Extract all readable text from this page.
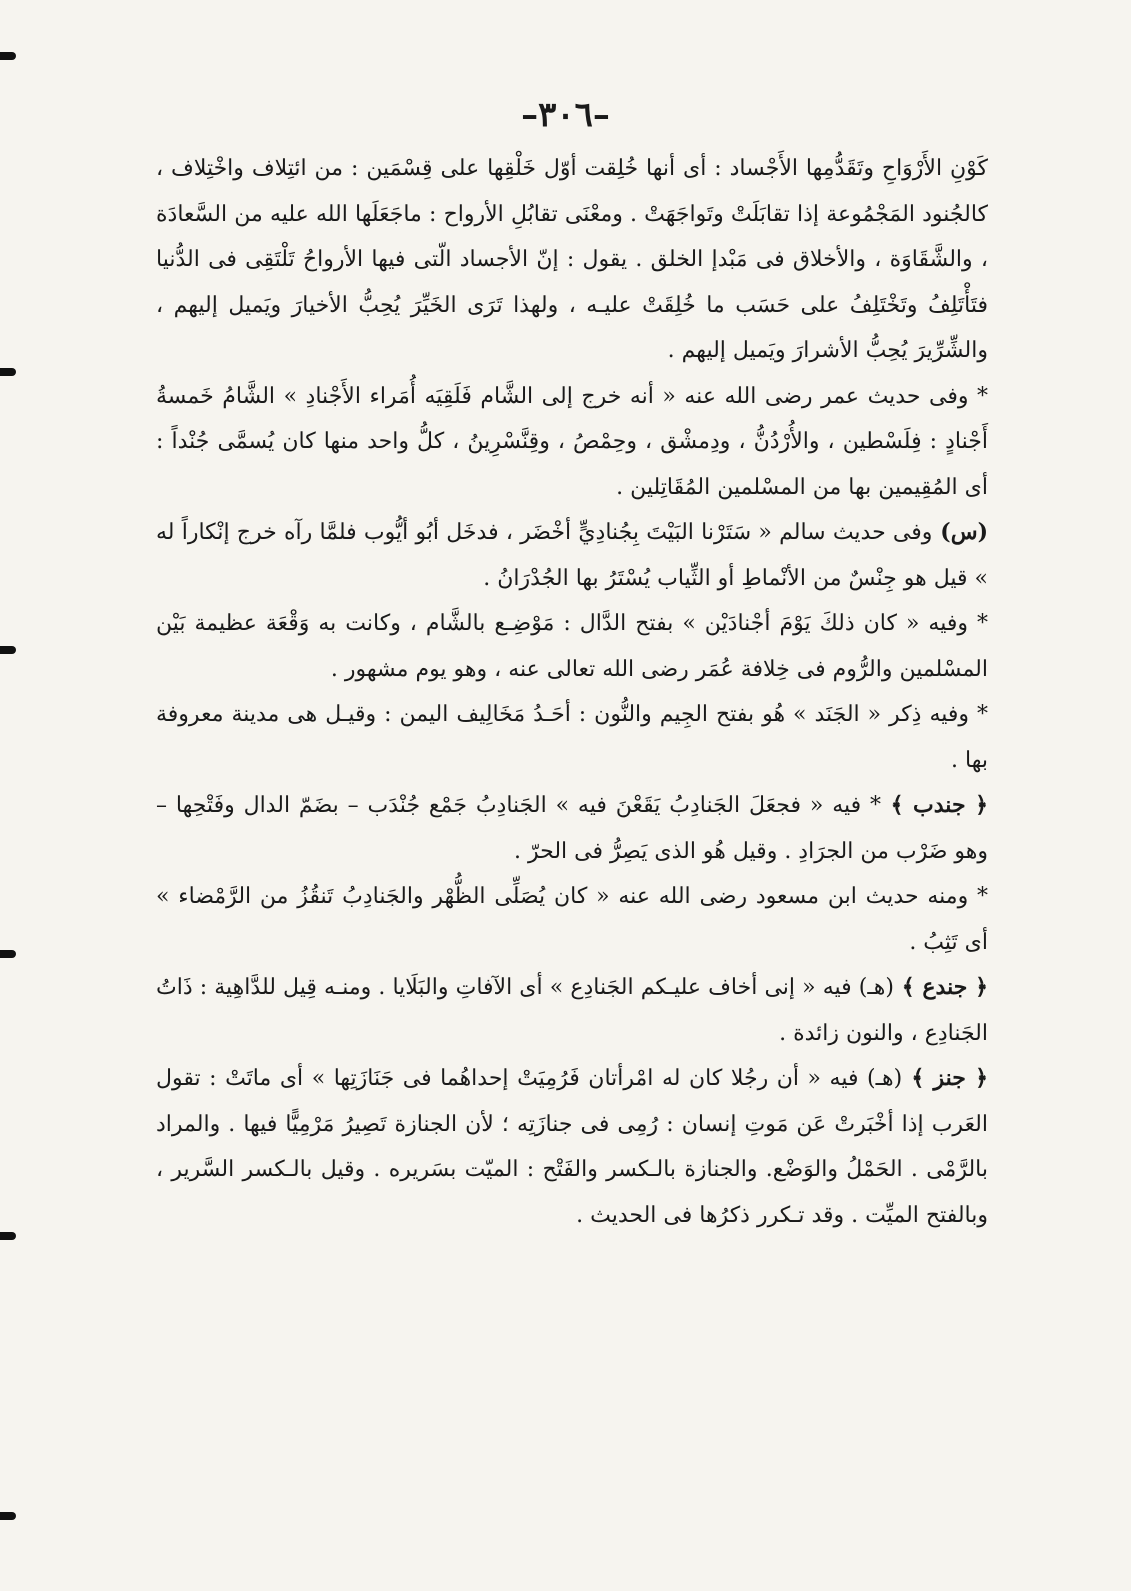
–٣٠٦–

كَوْنِ الأَرْوَاحِ وتَقَدُّمِها الأَجْساد : أى أنها خُلِقت أوّل خَلْقِها على قِسْمَين : من ائتِلاف واخْتِلاف ، كالجُنود المَجْمُوعة إذا تقابَلَتْ وتَواجَهَتْ . ومعْنَى تقابُلِ الأرواح : ماجَعَلَها الله عليه من السَّعادَة ، والشَّقَاوَة ، والأخلاق فى مَبْدإ الخلق . يقول : إنّ الأجساد الّتى فيها الأرواحُ تَلْتَقِى فى الدُّنيا فتَأْتَلِفُ وتَخْتَلِفُ على حَسَب ما خُلِقَتْ عليـه ، ولهذا تَرَى الخَيِّرَ يُحِبُّ الأخيارَ ويَميل إليهم ، والشِّرِّيرَ يُحِبُّ الأشرارَ ويَميل إليهم .

* وفى حديث عمر رضى الله عنه « أنه خرج إلى الشَّام فَلَقِيَه أُمَراء الأَجْنادِ » الشَّامُ خَمسةُ أَجْنادٍ : فِلَسْطين ، والأُرْدُنُّ ، ودِمشْق ، وحِمْصُ ، وقِنَّسْرِينُ ، كلُّ واحد منها كان يُسمَّى جُنْداً : أى المُقِيمين بها من المسْلمين المُقَاتِلين .

(س) وفى حديث سالم « سَتَرْنا البَيْتَ بِجُنادِيٍّ أخْضَر ، فدخَل أبُو أيُّوب فلمَّا رآه خرج إنْكاراً له » قيل هو جِنْسٌ من الأنْماطِ أو الثِّياب يُسْتَرُ بها الجُدْرَانُ .

* وفيه « كان ذلكَ يَوْمَ أجْنادَيْن » بفتح الدَّال : مَوْضِـع بالشَّام ، وكانت به وَقْعَة عظيمة بَيْن المسْلمين والرُّوم فى خِلافة عُمَر رضى الله تعالى عنه ، وهو يوم مشهور .

* وفيه ذِكر « الجَنَد » هُو بفتح الجِيم والنُّون : أحَـدُ مَخَالِيف اليمن : وقيـل هى مدينة معروفة بها .

﴿ جندب ﴾ * فيه « فجعَلَ الجَنادِبُ يَقَعْنَ فيه » الجَنادِبُ جَمْع جُنْدَب – بضَمّ الدال وفَتْحِها – وهو ضَرْب من الجرَادِ . وقيل هُو الذى يَصِرُّ فى الحرّ .

* ومنه حديث ابن مسعود رضى الله عنه « كان يُصَلِّى الظُّهْر والجَنادِبُ تَنقُزُ من الرَّمْضاء » أى تَثِبُ .

﴿ جندع ﴾ (هـ) فيه « إنى أخاف عليـكم الجَنادِع » أى الآفاتِ والبَلَايا . ومنـه قِيل للدَّاهِية : ذَاتُ الجَنادِع ، والنون زائدة .

﴿ جنز ﴾ (هـ) فيه « أن رجُلا كان له امْرأتان فَرُمِيَتْ إحداهُما فى جَنَازَتِها » أى ماتَتْ : تقول العَرب إذا أخْبَرتْ عَن مَوتِ إنسان : رُمِى فى جنازَتِه ؛ لأن الجنازة تَصِيرُ مَرْمِيًّا فيها . والمراد بالرَّمْى . الحَمْلُ والوَضْع. والجنازة بالـكسر والفَتْح : الميّت بسَريره . وقيل بالـكسر السَّرير ، وبالفتح الميِّت . وقد تـكرر ذكرُها فى الحديث .
